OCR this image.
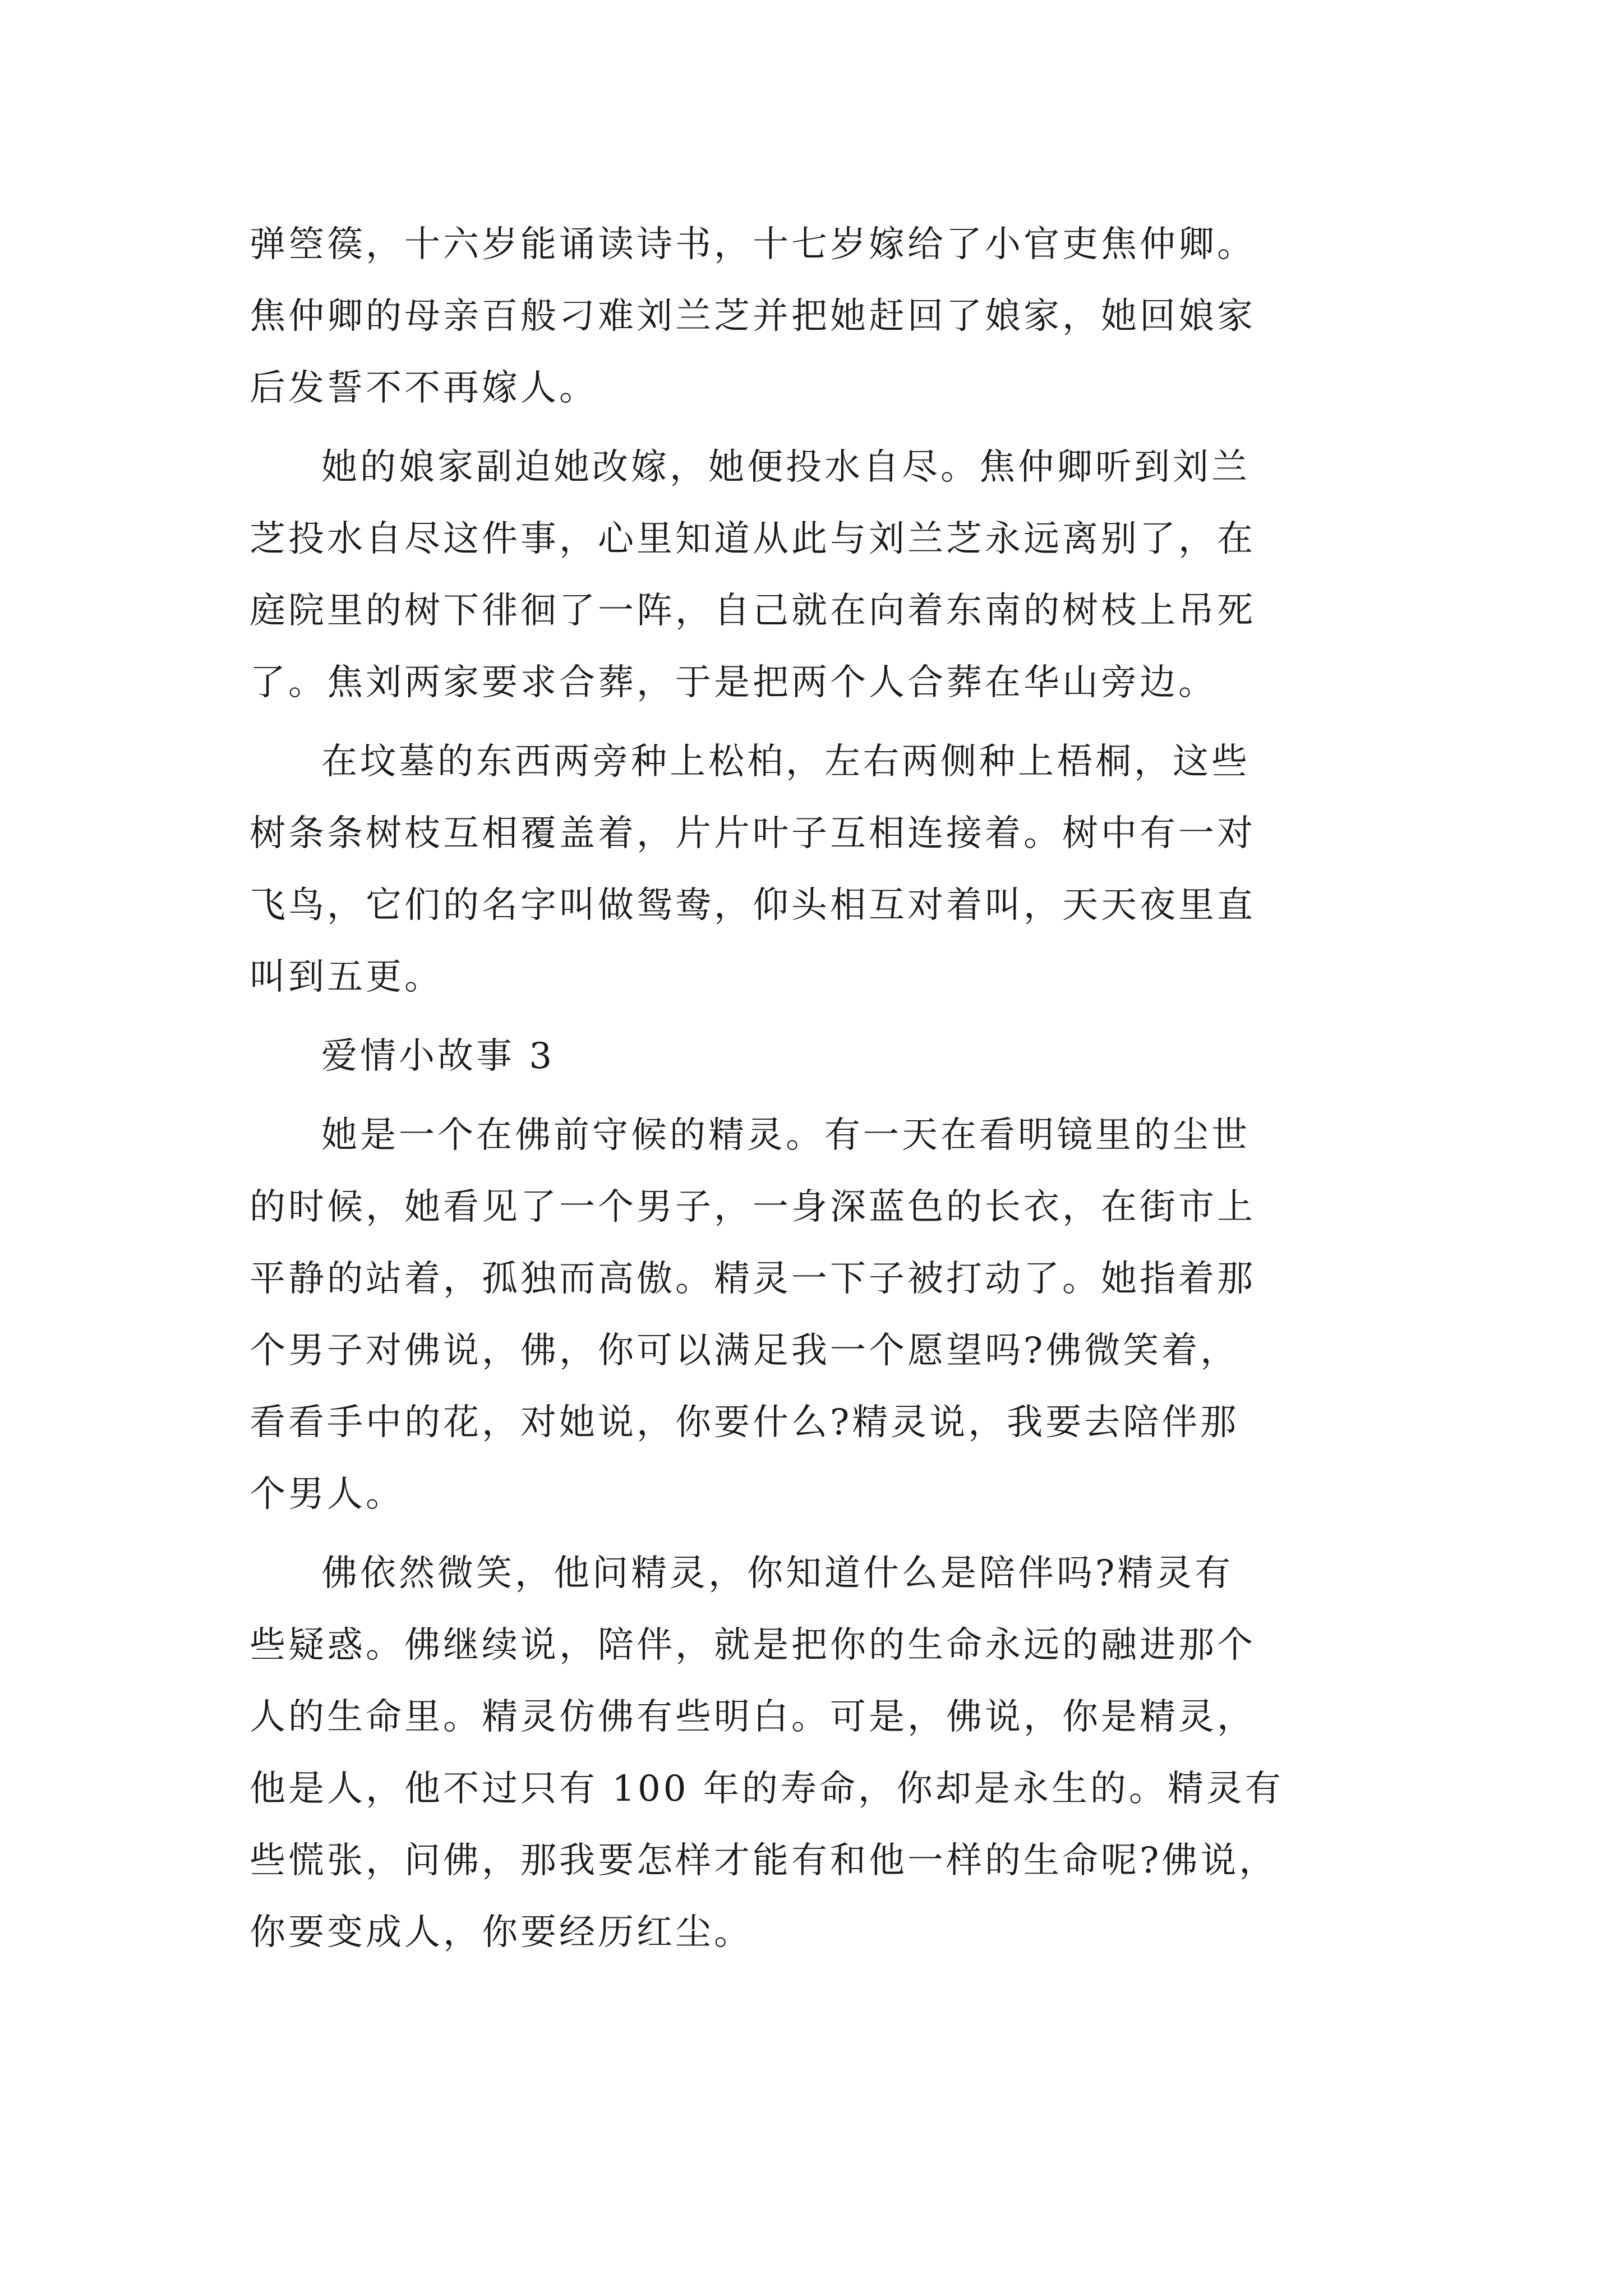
弹箜篌，十六岁能诵读诗书，十七岁嫁给了小官吏焦仲卿。
焦仲卿的母亲百般刁难刘兰芝并把她赶回了娘家，她回娘家
后发誓不不再嫁人。

她的娘家副迫她改嫁，她便投水自尽。焦仲卿听到刘兰
芝投水自尽这件事，心里知道从此与刘兰芝永远离别了，在
庭院里的树下徘徊了一阵，自己就在向着东南的树枝上吊死
了。焦刘两家要求合葬，于是把两个人合葬在华山旁边。

在坟墓的东西两旁种上松柏，左右两侧种上梧桐，这些
树条条树枝互相覆盖着，片片叶子互相连接着。树中有一对
飞鸟，它们的名字叫做鸳鸯，仰头相互对着叫，天天夜里直
叫到五更。

爱情小故事 3

她是一个在佛前守候的精灵。有一天在看明镜里的尘世
的时候，她看见了一个男子，一身深蓝色的长衣，在街市上
平静的站着，孤独而高傲。精灵一下子被打动了。她指着那
个男子对佛说，佛，你可以满足我一个愿望吗?佛微笑着，
看看手中的花，对她说，你要什么?精灵说，我要去陪伴那
个男人。

佛依然微笑，他问精灵，你知道什么是陪伴吗?精灵有
些疑惑。佛继续说，陪伴，就是把你的生命永远的融进那个
人的生命里。精灵仿佛有些明白。可是，佛说，你是精灵，
他是人，他不过只有 100 年的寿命，你却是永生的。精灵有
些慌张，问佛，那我要怎样才能有和他一样的生命呢?佛说，
你要变成人，你要经历红尘。
